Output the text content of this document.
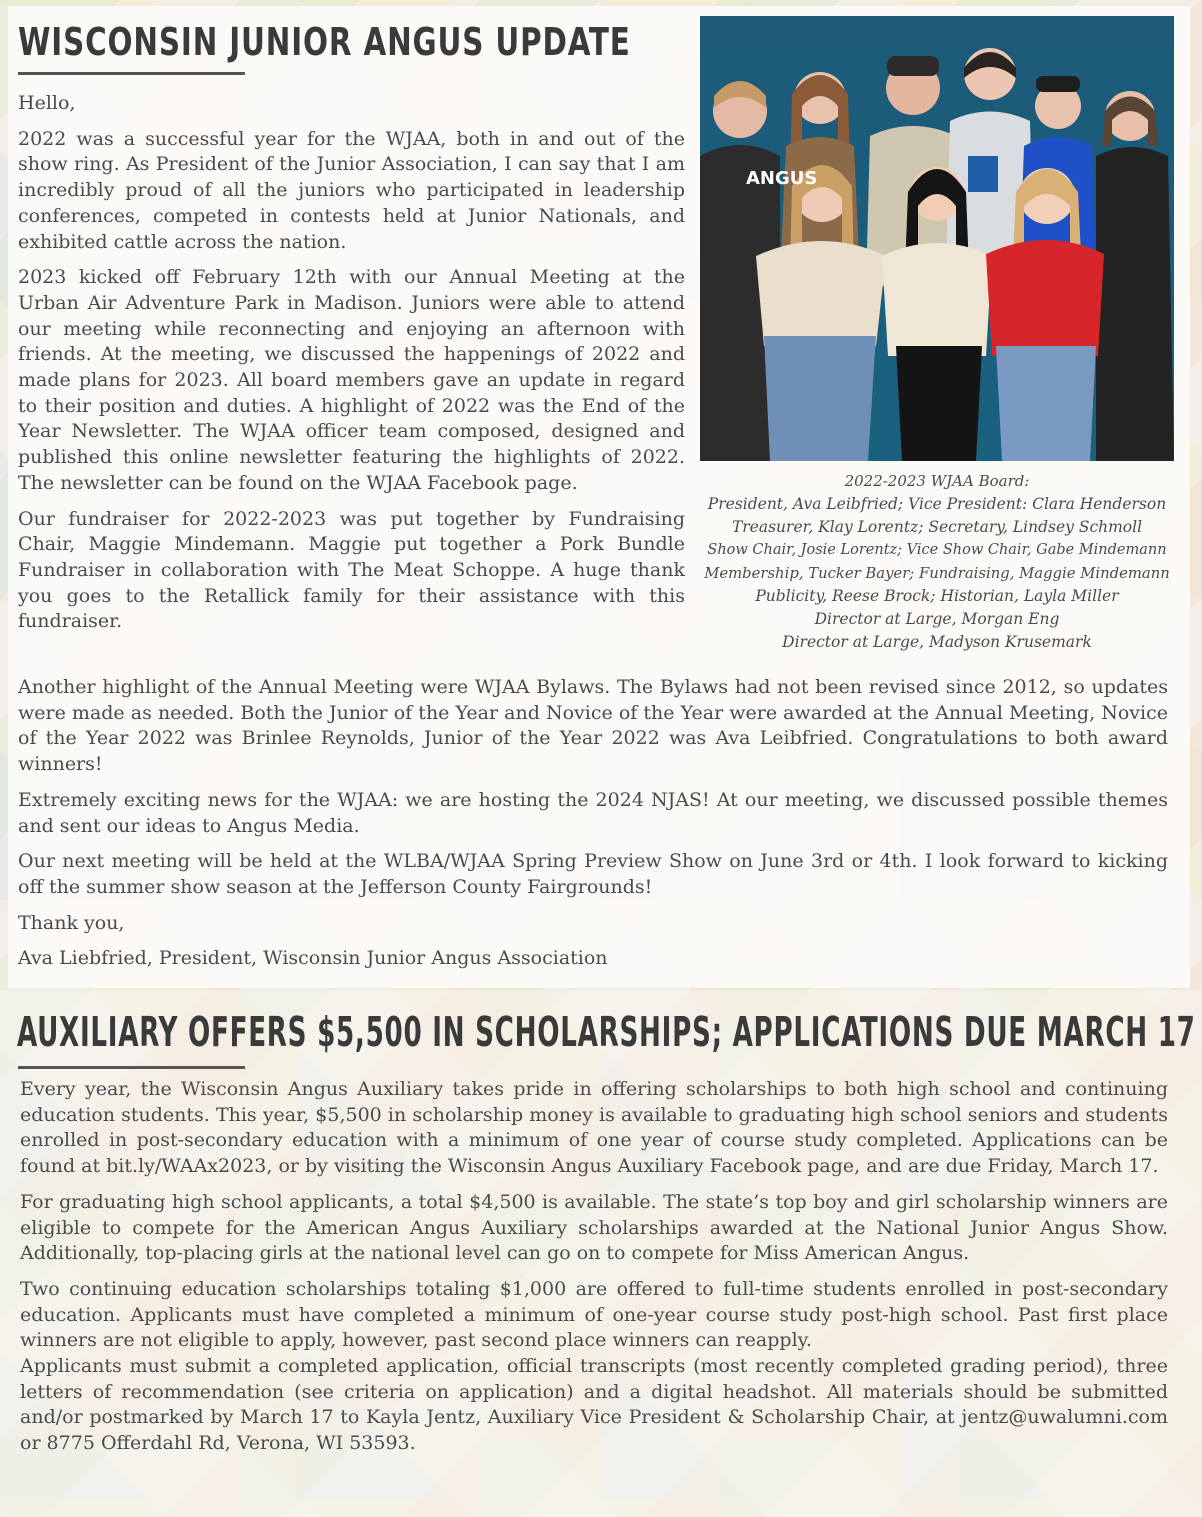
WISCONSIN JUNIOR ANGUS UPDATE

Hello,

2022 was a successful year for the WJAA, both in and out of the show ring. As President of the Junior Association, I can say that I am incredibly proud of all the juniors who participated in leadership conferences, competed in contests held at Junior Nationals, and exhibited cattle across the nation.

2023 kicked off February 12th with our Annual Meeting at the Urban Air Adventure Park in Madison. Juniors were able to attend our meeting while reconnecting and enjoying an afternoon with friends. At the meeting, we discussed the happenings of 2022 and made plans for 2023. All board members gave an update in regard to their position and duties. A highlight of 2022 was the End of the Year Newsletter. The WJAA officer team composed, designed and published this online newsletter featuring the highlights of 2022. The newsletter can be found on the WJAA Facebook page.

Our fundraiser for 2022-2023 was put together by Fundraising Chair, Maggie Mindemann. Maggie put together a Pork Bundle Fundraiser in collaboration with The Meat Schoppe. A huge thank you goes to the Retallick family for their assistance with this fundraiser.

ANGUS
2022-2023 WJAA Board:
President, Ava Leibfried; Vice President: Clara Henderson
Treasurer, Klay Lorentz; Secretary, Lindsey Schmoll
Show Chair, Josie Lorentz; Vice Show Chair, Gabe Mindemann
Membership, Tucker Bayer; Fundraising, Maggie Mindemann
Publicity, Reese Brock; Historian, Layla Miller
Director at Large, Morgan Eng
Director at Large, Madyson Krusemark

Another highlight of the Annual Meeting were WJAA Bylaws. The Bylaws had not been revised since 2012, so updates were made as needed. Both the Junior of the Year and Novice of the Year were awarded at the Annual Meeting, Novice of the Year 2022 was Brinlee Reynolds, Junior of the Year 2022 was Ava Leibfried. Congratulations to both award winners!

Extremely exciting news for the WJAA: we are hosting the 2024 NJAS! At our meeting, we discussed possible themes and sent our ideas to Angus Media.

Our next meeting will be held at the WLBA/WJAA Spring Preview Show on June 3rd or 4th. I look forward to kicking off the summer show season at the Jefferson County Fairgrounds!

Thank you,

Ava Liebfried, President, Wisconsin Junior Angus Association

AUXILIARY OFFERS $5,500 IN SCHOLARSHIPS; APPLICATIONS DUE MARCH 17

Every year, the Wisconsin Angus Auxiliary takes pride in offering scholarships to both high school and continuing education students. This year, $5,500 in scholarship money is available to graduating high school seniors and students enrolled in post-secondary education with a minimum of one year of course study completed. Applications can be found at bit.ly/WAAx2023, or by visiting the Wisconsin Angus Auxiliary Facebook page, and are due Friday, March 17.

For graduating high school applicants, a total $4,500 is available. The state’s top boy and girl scholarship winners are eligible to compete for the American Angus Auxiliary scholarships awarded at the National Junior Angus Show. Additionally, top-placing girls at the national level can go on to compete for Miss American Angus.

Two continuing education scholarships totaling $1,000 are offered to full-time students enrolled in post-secondary education. Applicants must have completed a minimum of one-year course study post-high school. Past first place winners are not eligible to apply, however, past second place winners can reapply.

Applicants must submit a completed application, official transcripts (most recently completed grading period), three letters of recommendation (see criteria on application) and a digital headshot. All materials should be submitted and/or postmarked by March 17 to Kayla Jentz, Auxiliary Vice President & Scholarship Chair, at jentz@uwalumni.com or 8775 Offerdahl Rd, Verona, WI 53593.
